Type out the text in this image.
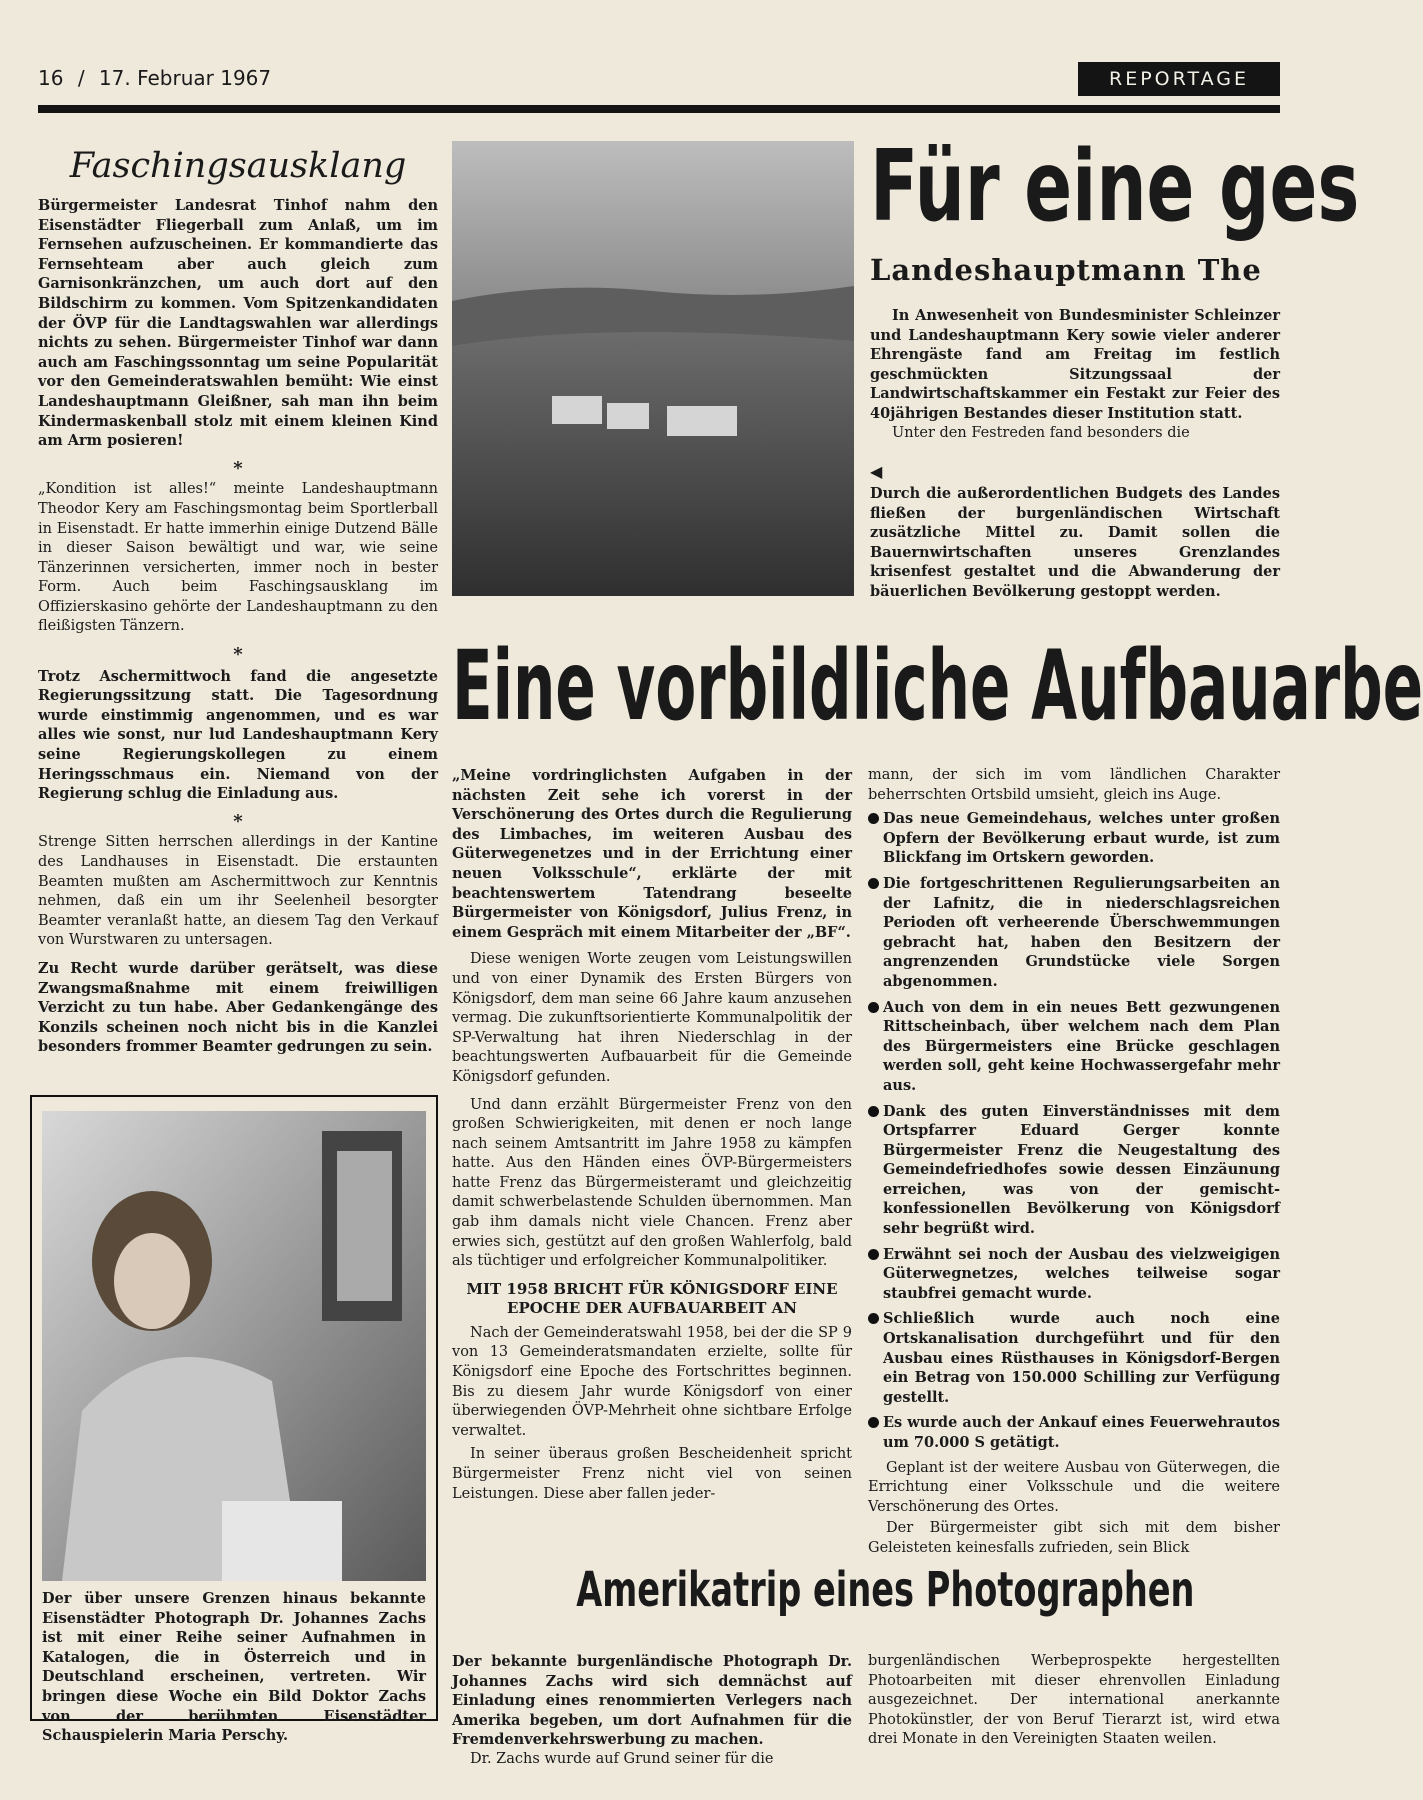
16 / 17. Februar 1967	REPORTAGE
Faschingsausklang

Bürgermeister Landesrat Tinhof nahm den Eisenstädter Fliegerball zum Anlaß, um im Fernsehen aufzuscheinen. Er kommandierte das Fernsehteam aber auch gleich zum Garnisonkränzchen, um auch dort auf den Bildschirm zu kommen. Vom Spitzenkandidaten der ÖVP für die Landtagswahlen war allerdings nichts zu sehen. Bürgermeister Tinhof war dann auch am Faschingssonntag um seine Popularität vor den Gemeinderatswahlen bemüht: Wie einst Landeshauptmann Gleißner, sah man ihn beim Kindermaskenball stolz mit einem kleinen Kind am Arm posieren!

*

„Kondition ist alles!“ meinte Landeshauptmann Theodor Kery am Faschingsmontag beim Sportlerball in Eisenstadt. Er hatte immerhin einige Dutzend Bälle in dieser Saison bewältigt und war, wie seine Tänzerinnen versicherten, immer noch in bester Form. Auch beim Faschingsausklang im Offizierskasino gehörte der Landeshauptmann zu den fleißigsten Tänzern.

*

Trotz Aschermittwoch fand die angesetzte Regierungssitzung statt. Die Tagesordnung wurde einstimmig angenommen, und es war alles wie sonst, nur lud Landeshauptmann Kery seine Regierungskollegen zu einem Heringsschmaus ein. Niemand von der Regierung schlug die Einladung aus.

*

Strenge Sitten herrschen allerdings in der Kantine des Landhauses in Eisenstadt. Die erstaunten Beamten mußten am Aschermittwoch zur Kenntnis nehmen, daß ein um ihr Seelenheil besorgter Beamter veranlaßt hatte, an diesem Tag den Verkauf von Wurstwaren zu untersagen.

Zu Recht wurde darüber gerätselt, was diese Zwangsmaßnahme mit einem freiwilligen Verzicht zu tun habe. Aber Gedankengänge des Konzils scheinen noch nicht bis in die Kanzlei besonders frommer Beamter gedrungen zu sein.

Der über unsere Grenzen hinaus bekannte Eisenstädter Photograph Dr. Johannes Zachs ist mit einer Reihe seiner Aufnahmen in Katalogen, die in Österreich und in Deutschland erscheinen, vertreten. Wir bringen diese Woche ein Bild Doktor Zachs von der berühmten Eisenstädter Schauspielerin Maria Perschy.
Für eine ges
Landeshauptmann The

In Anwesenheit von Bundesminister Schleinzer und Landeshauptmann Kery sowie vieler anderer Ehrengäste fand am Freitag im festlich geschmückten Sitzungssaal der Landwirtschaftskammer ein Festakt zur Feier des 40jährigen Bestandes dieser Institution statt.

Unter den Festreden fand besonders die

◀
Durch die außerordentlichen Budgets des Landes fließen der burgenländischen Wirtschaft zusätzliche Mittel zu. Damit sollen die Bauernwirtschaften unseres Grenzlandes krisenfest gestaltet und die Abwanderung der bäuerlichen Bevölkerung gestoppt werden.
Eine vorbildliche Aufbauarbe

„Meine vordringlichsten Aufgaben in der nächsten Zeit sehe ich vorerst in der Verschönerung des Ortes durch die Regulierung des Limbaches, im weiteren Ausbau des Güterwegenetzes und in der Errichtung einer neuen Volksschule“, erklärte der mit beachtenswertem Tatendrang beseelte Bürgermeister von Königsdorf, Julius Frenz, in einem Gespräch mit einem Mitarbeiter der „BF“.

Diese wenigen Worte zeugen vom Leistungswillen und von einer Dynamik des Ersten Bürgers von Königsdorf, dem man seine 66 Jahre kaum anzusehen vermag. Die zukunftsorientierte Kommunalpolitik der SP-Verwaltung hat ihren Niederschlag in der beachtungswerten Aufbauarbeit für die Gemeinde Königsdorf gefunden.

Und dann erzählt Bürgermeister Frenz von den großen Schwierigkeiten, mit denen er noch lange nach seinem Amtsantritt im Jahre 1958 zu kämpfen hatte. Aus den Händen eines ÖVP-Bürgermeisters hatte Frenz das Bürgermeisteramt und gleichzeitig damit schwerbelastende Schulden übernommen. Man gab ihm damals nicht viele Chancen. Frenz aber erwies sich, gestützt auf den großen Wahlerfolg, bald als tüchtiger und erfolgreicher Kommunalpolitiker.

MIT 1958 BRICHT FÜR KÖNIGSDORF EINE EPOCHE DER AUFBAUARBEIT AN

Nach der Gemeinderatswahl 1958, bei der die SP 9 von 13 Gemeinderatsmandaten erzielte, sollte für Königsdorf eine Epoche des Fortschrittes beginnen. Bis zu diesem Jahr wurde Königsdorf von einer überwiegenden ÖVP-Mehrheit ohne sichtbare Erfolge verwaltet.

In seiner überaus großen Bescheidenheit spricht Bürgermeister Frenz nicht viel von seinen Leistungen. Diese aber fallen jeder-

mann, der sich im vom ländlichen Charakter beherrschten Ortsbild umsieht, gleich ins Auge.

Das neue Gemeindehaus, welches unter großen Opfern der Bevölkerung erbaut wurde, ist zum Blickfang im Ortskern geworden.
Die fortgeschrittenen Regulierungsarbeiten an der Lafnitz, die in niederschlagsreichen Perioden oft verheerende Überschwemmungen gebracht hat, haben den Besitzern der angrenzenden Grundstücke viele Sorgen abgenommen.
Auch von dem in ein neues Bett gezwungenen Rittscheinbach, über welchem nach dem Plan des Bürgermeisters eine Brücke geschlagen werden soll, geht keine Hochwassergefahr mehr aus.
Dank des guten Einverständnisses mit dem Ortspfarrer Eduard Gerger konnte Bürgermeister Frenz die Neugestaltung des Gemeindefriedhofes sowie dessen Einzäunung erreichen, was von der gemischt-konfessionellen Bevölkerung von Königsdorf sehr begrüßt wird.
Erwähnt sei noch der Ausbau des vielzweigigen Güterwegnetzes, welches teilweise sogar staubfrei gemacht wurde.
Schließlich wurde auch noch eine Ortskanalisation durchgeführt und für den Ausbau eines Rüsthauses in Königsdorf-Bergen ein Betrag von 150.000 Schilling zur Verfügung gestellt.
Es wurde auch der Ankauf eines Feuerwehrautos um 70.000 S getätigt.

Geplant ist der weitere Ausbau von Güterwegen, die Errichtung einer Volksschule und die weitere Verschönerung des Ortes.

Der Bürgermeister gibt sich mit dem bisher Geleisteten keinesfalls zufrieden, sein Blick

Amerikatrip eines Photographen

Der bekannte burgenländische Photograph Dr. Johannes Zachs wird sich demnächst auf Einladung eines renommierten Verlegers nach Amerika begeben, um dort Aufnahmen für die Fremdenverkehrswerbung zu machen.

Dr. Zachs wurde auf Grund seiner für die

burgenländischen Werbeprospekte hergestellten Photoarbeiten mit dieser ehrenvollen Einladung ausgezeichnet. Der international anerkannte Photokünstler, der von Beruf Tierarzt ist, wird etwa drei Monate in den Vereinigten Staaten weilen.
